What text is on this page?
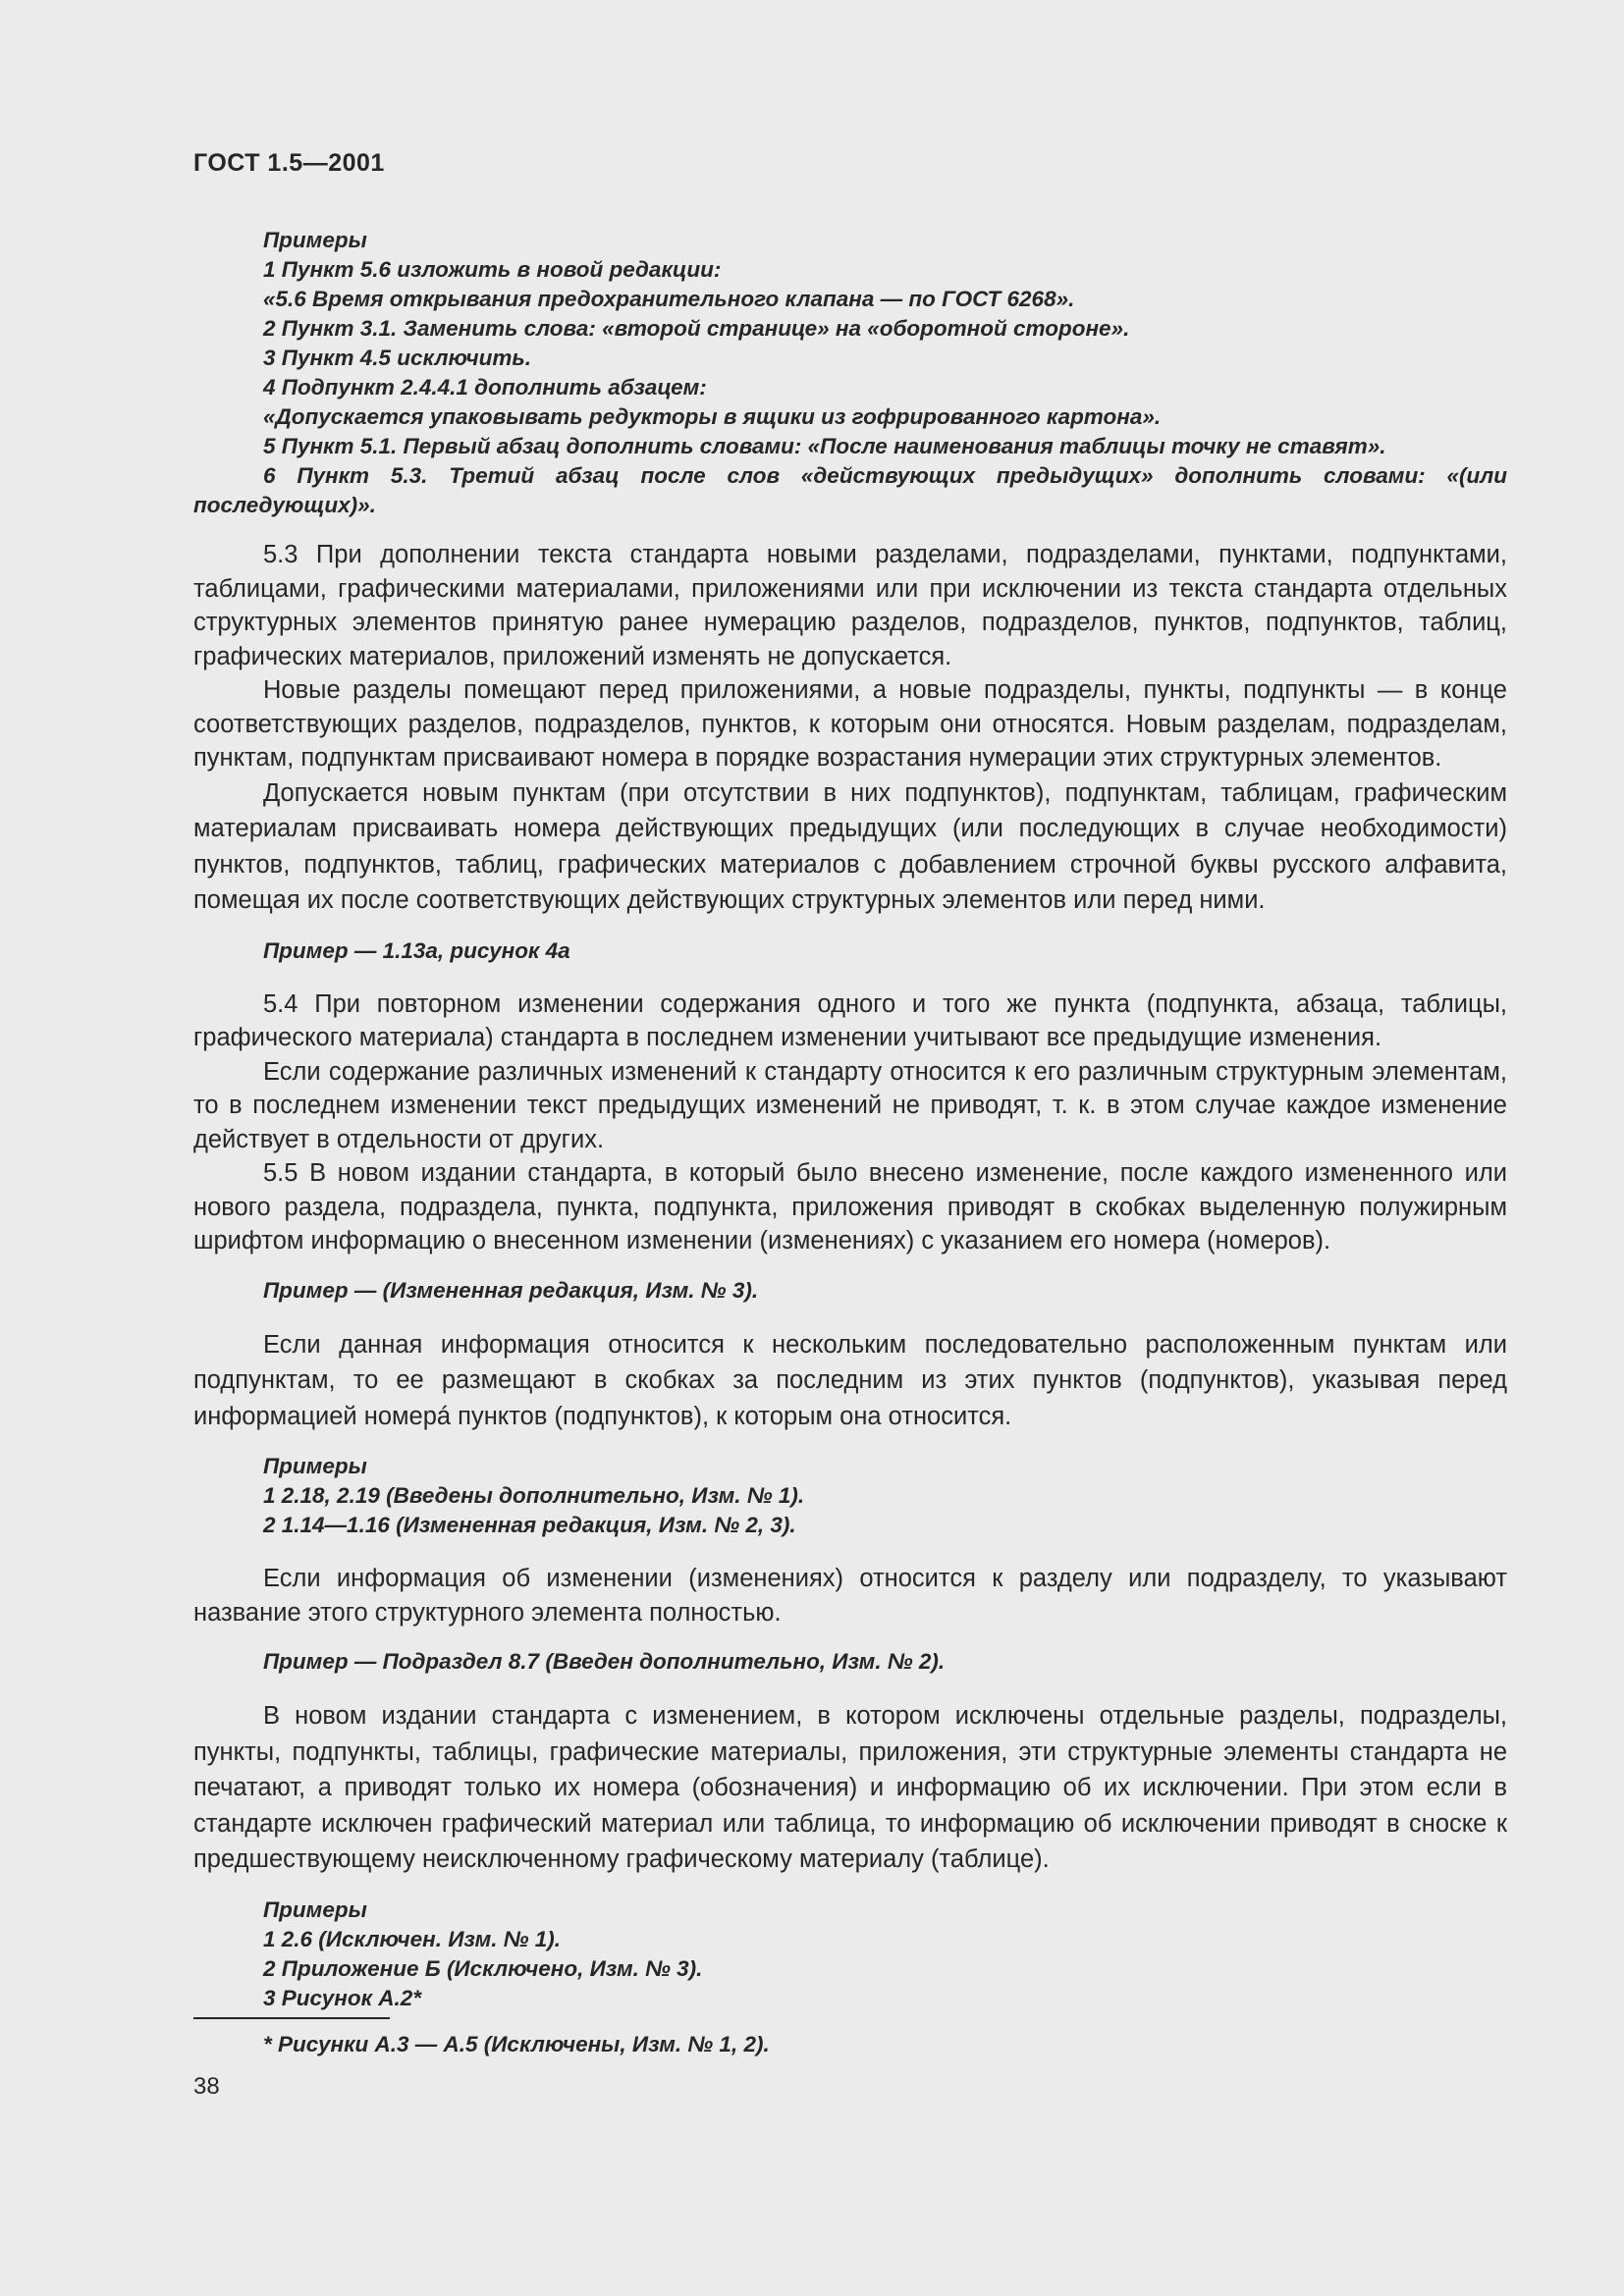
ГОСТ 1.5—2001

Примеры

1 Пункт 5.6 изложить в новой редакции:

«5.6 Время открывания предохранительного клапана — по ГОСТ 6268».

2 Пункт 3.1. Заменить слова: «второй странице» на «оборотной стороне».

3 Пункт 4.5 исключить.

4 Подпункт 2.4.4.1 дополнить абзацем:

«Допускается упаковывать редукторы в ящики из гофрированного картона».

5 Пункт 5.1. Первый абзац дополнить словами: «После наименования таблицы точку не ставят».

6 Пункт 5.3. Третий абзац после слов «действующих предыдущих» дополнить словами: «(или последующих)».

5.3 При дополнении текста стандарта новыми разделами, подразделами, пунктами, подпунктами, таблицами, графическими материалами, приложениями или при исключении из текста стандарта отдельных структурных элементов принятую ранее нумерацию разделов, подразделов, пунктов, подпунктов, таблиц, графических материалов, приложений изменять не допускается.

Новые разделы помещают перед приложениями, а новые подразделы, пункты, подпункты — в конце соответствующих разделов, подразделов, пунктов, к которым они относятся. Новым разделам, подразделам, пунктам, подпунктам присваивают номера в порядке возрастания нумерации этих структурных элементов.

Допускается новым пунктам (при отсутствии в них подпунктов), подпунктам, таблицам, графическим материалам присваивать номера действующих предыдущих (или последующих в случае необходимости) пунктов, подпунктов, таблиц, графических материалов с добавлением строчной буквы русского алфавита, помещая их после соответствующих действующих структурных элементов или перед ними.

Пример — 1.13а, рисунок 4а

5.4 При повторном изменении содержания одного и того же пункта (подпункта, абзаца, таблицы, графического материала) стандарта в последнем изменении учитывают все предыдущие изменения.

Если содержание различных изменений к стандарту относится к его различным структурным элементам, то в последнем изменении текст предыдущих изменений не приводят, т. к. в этом случае каждое изменение действует в отдельности от других.

5.5 В новом издании стандарта, в который было внесено изменение, после каждого измененного или нового раздела, подраздела, пункта, подпункта, приложения приводят в скобках выделенную полужирным шрифтом информацию о внесенном изменении (изменениях) с указанием его номера (номеров).

Пример — (Измененная редакция, Изм. № 3).

Если данная информация относится к нескольким последовательно расположенным пунктам или подпунктам, то ее размещают в скобках за последним из этих пунктов (подпунктов), указывая перед информацией номерá пунктов (подпунктов), к которым она относится.

Примеры

1 2.18, 2.19 (Введены дополнительно, Изм. № 1).

2 1.14—1.16 (Измененная редакция, Изм. № 2, 3).

Если информация об изменении (изменениях) относится к разделу или подразделу, то указывают название этого структурного элемента полностью.

Пример — Подраздел 8.7 (Введен дополнительно, Изм. № 2).

В новом издании стандарта с изменением, в котором исключены отдельные разделы, подразделы, пункты, подпункты, таблицы, графические материалы, приложения, эти структурные элементы стандарта не печатают, а приводят только их номера (обозначения) и информацию об их исключении. При этом если в стандарте исключен графический материал или таблица, то информацию об исключении приводят в сноске к предшествующему неисключенному графическому материалу (таблице).

Примеры

1 2.6 (Исключен. Изм. № 1).

2 Приложение Б (Исключено, Изм. № 3).

3 Рисунок А.2*

* Рисунки А.3 — А.5 (Исключены, Изм. № 1, 2).
38
